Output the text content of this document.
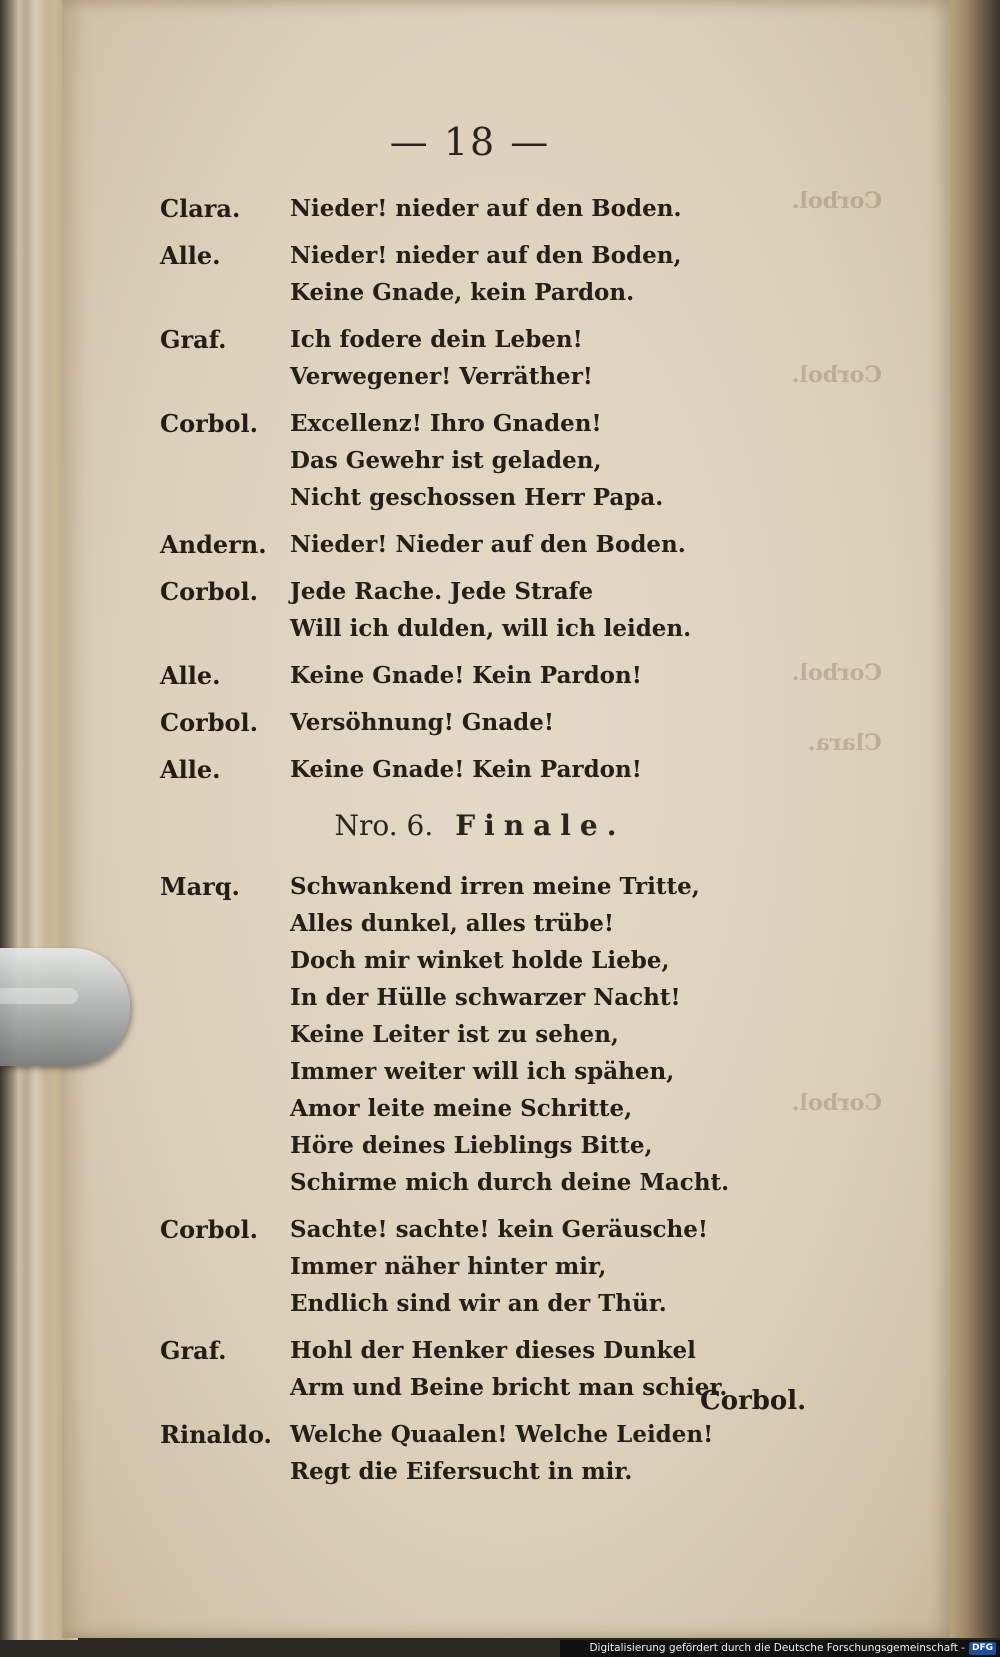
Corbol.
Corbol.
Corbol.
Clara.
Corbol.
— 18 —
Clara.	Nieder! nieder auf den Boden.
Alle.	Nieder! nieder auf den Boden,
Keine Gnade, kein Pardon.
Graf.	Ich fodere dein Leben!
Verwegener! Verräther!
Corbol.	Excellenz! Ihro Gnaden!
Das Gewehr ist geladen,
Nicht geschossen Herr Papa.
Andern.	Nieder! Nieder auf den Boden.
Corbol.	Jede Rache. Jede Strafe
Will ich dulden, will ich leiden.
Alle.	Keine Gnade! Kein Pardon!
Corbol.	Versöhnung! Gnade!
Alle.	Keine Gnade! Kein Pardon!
Nro. 6. Finale.
Marq.	Schwankend irren meine Tritte,
Alles dunkel, alles trübe!
Doch mir winket holde Liebe,
In der Hülle schwarzer Nacht!
Keine Leiter ist zu sehen,
Immer weiter will ich spähen,
Amor leite meine Schritte,
Höre deines Lieblings Bitte,
Schirme mich durch deine Macht.
Corbol.	Sachte! sachte! kein Geräusche!
Immer näher hinter mir,
Endlich sind wir an der Thür.
Graf.	Hohl der Henker dieses Dunkel
Arm und Beine bricht man schier.
Rinaldo. Welche Quaalen! Welche Leiden!
Regt die Eifersucht in mir.
Corbol.
Digitalisierung gefördert durch die Deutsche Forschungsgemeinschaft - DFG
